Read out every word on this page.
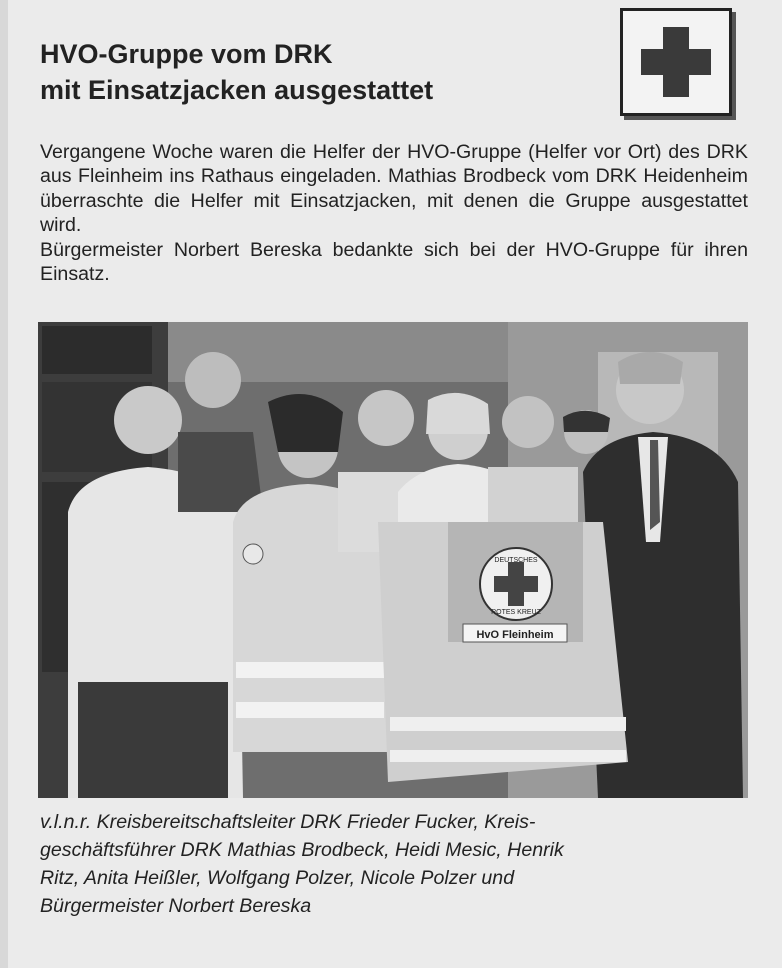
HVO-Gruppe vom DRK
mit Einsatzjacken ausgestattet

Vergangene Woche waren die Helfer der HVO-Gruppe (Helfer vor Ort) des DRK aus Fleinheim ins Rathaus eingeladen. Mathias Brodbeck vom DRK Heidenheim überraschte die Helfer mit Einsatzjacken, mit denen die Gruppe ausgestattet wird.

Bürgermeister Norbert Bereska bedankte sich bei der HVO-Gruppe für ihren Einsatz.

DEUTSCHES
ROTES KREUZ
HvO Fleinheim
v.l.n.r. Kreisbereitschaftsleiter DRK Frieder Fucker, Kreis-
geschäftsführer DRK Mathias Brodbeck, Heidi Mesic, Henrik
Ritz, Anita Heißler, Wolfgang Polzer, Nicole Polzer und
Bürgermeister Norbert Bereska
